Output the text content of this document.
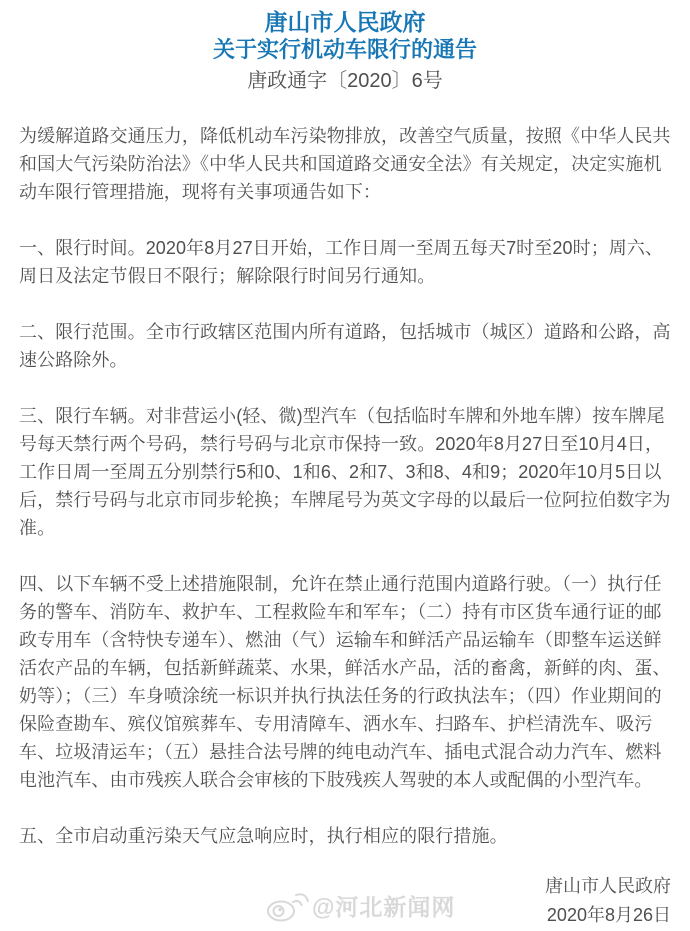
唐山市人民政府
关于实行机动车限行的通告
唐政通字〔2020〕6号

为缓解道路交通压力，降低机动车污染物排放，改善空气质量，按照《中华人民共和国大气污染防治法》《中华人民共和国道路交通安全法》有关规定，决定实施机动车限行管理措施，现将有关事项通告如下：

一、限行时间。2020年8月27日开始，工作日周一至周五每天7时至20时；周六、周日及法定节假日不限行；解除限行时间另行通知。

二、限行范围。全市行政辖区范围内所有道路，包括城市（城区）道路和公路，高速公路除外。

三、限行车辆。对非营运小(轻、微)型汽车（包括临时车牌和外地车牌）按车牌尾号每天禁行两个号码，禁行号码与北京市保持一致。2020年8月27日至10月4日，工作日周一至周五分别禁行5和0、1和6、2和7、3和8、4和9；2020年10月5日以后，禁行号码与北京市同步轮换；车牌尾号为英文字母的以最后一位阿拉伯数字为准。

四、以下车辆不受上述措施限制，允许在禁止通行范围内道路行驶。（一）执行任务的警车、消防车、救护车、工程救险车和军车；（二）持有市区货车通行证的邮政专用车（含特快专递车）、燃油（气）运输车和鲜活产品运输车（即整车运送鲜活农产品的车辆，包括新鲜蔬菜、水果，鲜活水产品，活的畜禽，新鲜的肉、蛋、奶等）；（三）车身喷涂统一标识并执行执法任务的行政执法车；（四）作业期间的保险查勘车、殡仪馆殡葬车、专用清障车、洒水车、扫路车、护栏清洗车、吸污车、垃圾清运车；（五）悬挂合法号牌的纯电动汽车、插电式混合动力汽车、燃料电池汽车、由市残疾人联合会审核的下肢残疾人驾驶的本人或配偶的小型汽车。

五、全市启动重污染天气应急响应时，执行相应的限行措施。

唐山市人民政府
2020年8月26日
@河北新闻网
